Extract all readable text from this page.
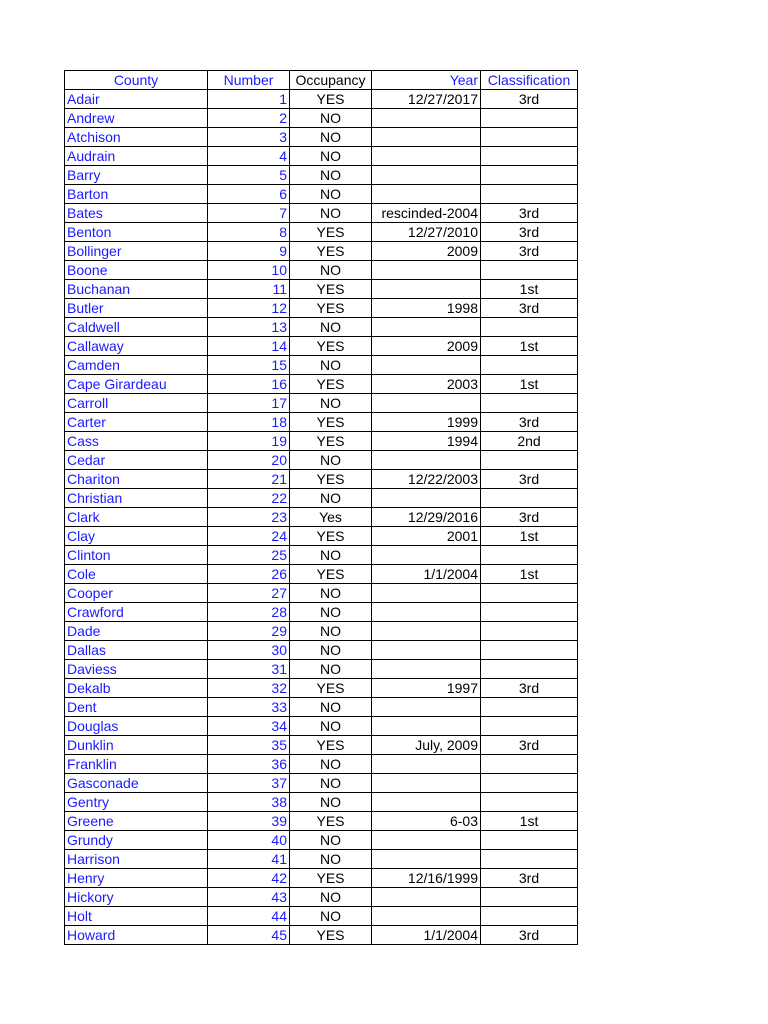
County	Number	Occupancy	Year	Classification
Adair	1	YES	12/27/2017	3rd
Andrew	2	NO		
Atchison	3	NO		
Audrain	4	NO		
Barry	5	NO		
Barton	6	NO		
Bates	7	NO	rescinded-2004	3rd
Benton	8	YES	12/27/2010	3rd
Bollinger	9	YES	2009	3rd
Boone	10	NO		
Buchanan	11	YES		1st
Butler	12	YES	1998	3rd
Caldwell	13	NO		
Callaway	14	YES	2009	1st
Camden	15	NO		
Cape Girardeau	16	YES	2003	1st
Carroll	17	NO		
Carter	18	YES	1999	3rd
Cass	19	YES	1994	2nd
Cedar	20	NO		
Chariton	21	YES	12/22/2003	3rd
Christian	22	NO		
Clark	23	Yes	12/29/2016	3rd
Clay	24	YES	2001	1st
Clinton	25	NO		
Cole	26	YES	1/1/2004	1st
Cooper	27	NO		
Crawford	28	NO		
Dade	29	NO		
Dallas	30	NO		
Daviess	31	NO		
Dekalb	32	YES	1997	3rd
Dent	33	NO		
Douglas	34	NO		
Dunklin	35	YES	July, 2009	3rd
Franklin	36	NO		
Gasconade	37	NO		
Gentry	38	NO		
Greene	39	YES	6-03	1st
Grundy	40	NO		
Harrison	41	NO		
Henry	42	YES	12/16/1999	3rd
Hickory	43	NO		
Holt	44	NO		
Howard	45	YES	1/1/2004	3rd
